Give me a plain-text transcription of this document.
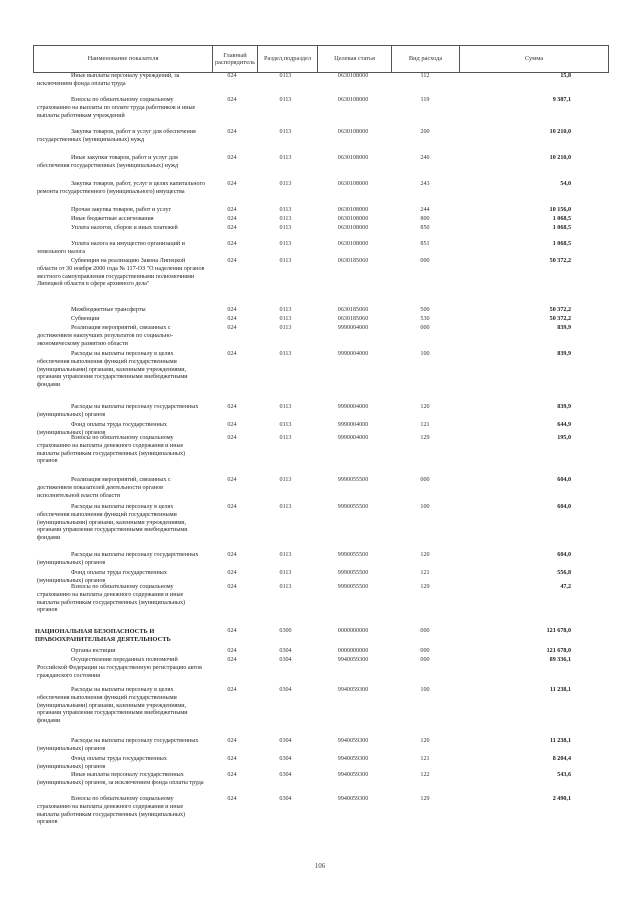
Наименование показателя
Главный распорядитель
Раздел,подраздел	Целевая статья	Вид расхода	Сумма
Иные выплаты персоналу учреждений, за исключением фонда оплаты труда
024	0113	0630108000	112	15,8
Взносы по обязательному социальному страхованию на выплаты по оплате труда работников и иные выплаты работникам учреждений
024	0113	0630108000	119	9 387,1
Закупка товаров, работ и услуг для обеспечения государственных (муниципальных) нужд
024	0113	0630108000	200	10 210,0
Иные закупки товаров, работ и услуг для обеспечения государственных (муниципальных) нужд
024	0113	0630108000	240	10 210,0
Закупка товаров, работ, услуг в целях капитального ремонта государственного (муниципального) имущества
024	0113	0630108000	243	54,0
Прочая закупка товаров, работ и услуг	024	0113	0630108000	244	10 156,0
Иные бюджетные ассигнования	024	0113	0630108000	800	1 068,5
Уплата налогов, сборов и иных платежей	024	0113	0630108000	850	1 068,5
Уплата налога на имущество организаций и земельного налога
024	0113	0630108000	851	1 068,5
Субвенция на реализацию Закона Липецкой области от 30 ноября 2000 года № 117-ОЗ "О наделении органов местного самоуправления государственными полномочиями Липецкой области в сфере архивного дела"
024	0113	0630185060	000	50 372,2
Межбюджетные трансферты	024	0113	0630185060	500	50 372,2
Субвенции	024	0113	0630185060	530	50 372,2
Реализация мероприятий, связанных с достижением наилучших результатов по социально-экономическому развитию области
024	0113	9990004000	000	839,9
Расходы на выплаты персоналу в целях обеспечения выполнения функций государственными (муниципальными) органами, казенными учреждениями, органами управления государственными внебюджетными фондами
024	0113	9990004000	100	839,9
Расходы на выплаты персоналу государственных (муниципальных) органов
024	0113	9990004000	120	839,9
Фонд оплаты труда государственных (муниципальных) органов
024	0113	9990004000	121	644,9
Взносы по обязательному социальному страхованию на выплаты денежного содержания и иные выплаты работникам государственных (муниципальных) органов
024	0113	9990004000	129	195,0
Реализация мероприятий, связанных с достижением показателей деятельности органов исполнительной власти области
024	0113	9990055500	000	604,0
Расходы на выплаты персоналу в целях обеспечения выполнения функций государственными (муниципальными) органами, казенными учреждениями, органами управления государственными внебюджетными фондами
024	0113	9990055500	100	604,0
Расходы на выплаты персоналу государственных (муниципальных) органов
024	0113	9990055500	120	604,0
Фонд оплаты труда государственных (муниципальных) органов
024	0113	9990055500	121	556,8
Взносы по обязательному социальному страхованию на выплаты денежного содержания и иные выплаты работникам государственных (муниципальных) органов
024	0113	9990055500	129	47,2
НАЦИОНАЛЬНАЯ БЕЗОПАСНОСТЬ И ПРАВООХРАНИТЕЛЬНАЯ ДЕЯТЕЛЬНОСТЬ
024	0300	0000000000	000	121 678,0
Органы юстиции	024	0304	0000000000	000	121 678,0
Осуществление переданных полномочий Российской Федерации на государственную регистрацию актов гражданского состояния
024	0304	9940059300	000	89 336,1
Расходы на выплаты персоналу в целях обеспечения выполнения функций государственными (муниципальными) органами, казенными учреждениями, органами управления государственными внебюджетными фондами
024	0304	9940059300	100	11 238,1
Расходы на выплаты персоналу государственных (муниципальных) органов
024	0304	9940059300	120	11 238,1
Фонд оплаты труда государственных (муниципальных) органов
024	0304	9940059300	121	8 204,4
Иные выплаты персоналу государственных (муниципальных) органов, за исключением фонда оплаты труда
024	0304	9940059300	122	543,6
Взносы по обязательному социальному страхованию на выплаты денежного содержания и иные выплаты работникам государственных (муниципальных) органов
024	0304	9940059300	129	2 490,1
106
